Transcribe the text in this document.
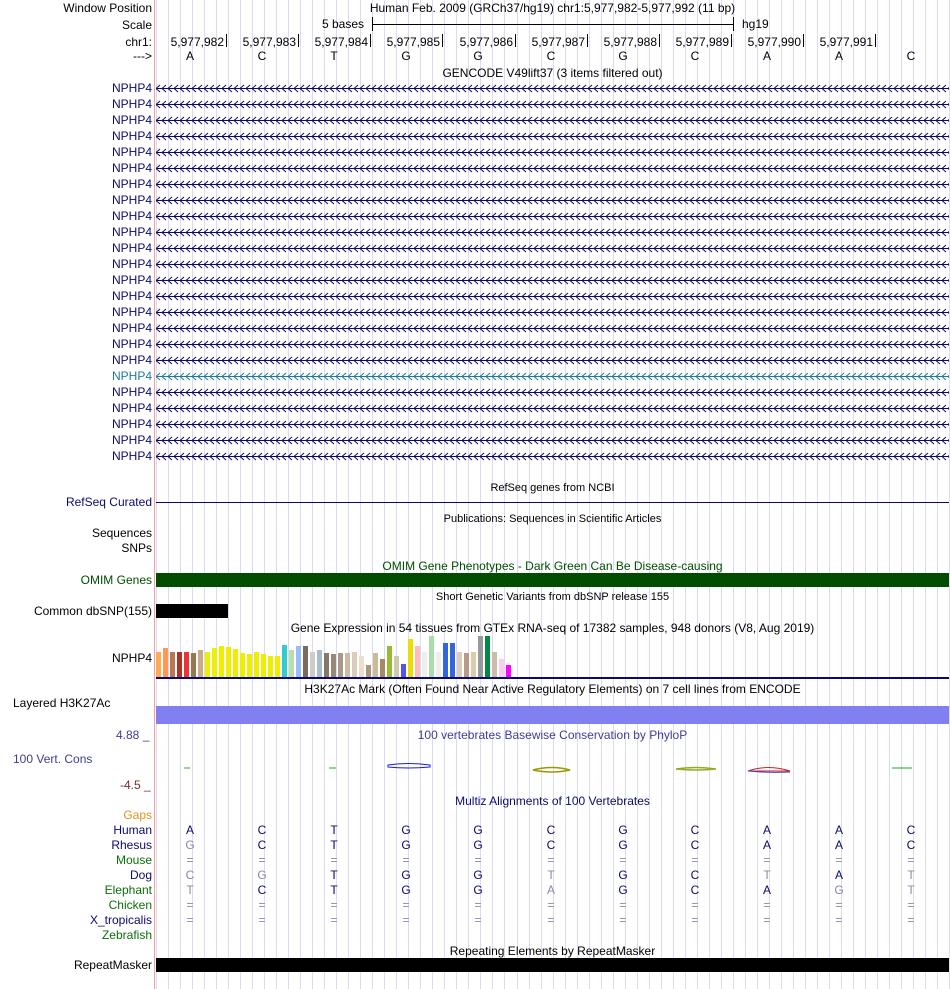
Window Position	Human Feb. 2009 (GRCh37/hg19) chr1:5,977,982-5,977,992 (11 bp)
Scale	5 bases	hg19
chr1:	5,977,982	5,977,983	5,977,984	5,977,985	5,977,986	5,977,987	5,977,988	5,977,989	5,977,990	5,977,991
--->	A	C	T	G	G	C	G	C	A	A	C
GENCODE V49lift37 (3 items filtered out)
NPHP4
NPHP4
NPHP4
NPHP4
NPHP4
NPHP4
NPHP4
NPHP4
NPHP4
NPHP4
NPHP4
NPHP4
NPHP4
NPHP4
NPHP4
NPHP4
NPHP4
NPHP4
NPHP4
NPHP4
NPHP4
NPHP4
NPHP4
NPHP4
RefSeq genes from NCBI
RefSeq Curated
Publications: Sequences in Scientific Articles
Sequences
SNPs
OMIM Gene Phenotypes - Dark Green Can Be Disease-causing
OMIM Genes
Short Genetic Variants from dbSNP release 155
Common dbSNP(155)
Gene Expression in 54 tissues from GTEx RNA-seq of 17382 samples, 948 donors (V8, Aug 2019)
NPHP4
H3K27Ac Mark (Often Found Near Active Regulatory Elements) on 7 cell lines from ENCODE
Layered H3K27Ac
4.88 _	100 vertebrates Basewise Conservation by PhyloP
100 Vert. Cons
-4.5 _
Multiz Alignments of 100 Vertebrates
Gaps
Human	A	C	T	G	G	C	G	C	A	A	C
Rhesus	G	C	T	G	G	C	G	C	A	A	C
Mouse	=	=	=	=	=	=	=	=	=	=	=
Dog	C	G	T	G	G	T	G	C	T	A	T
Elephant	T	C	T	G	G	A	G	C	A	G	T
Chicken	=	=	=	=	=	=	=	=	=	=	=
X_tropicalis	=	=	=	=	=	=	=	=	=	=	=
Zebrafish
Repeating Elements by RepeatMasker
RepeatMasker
